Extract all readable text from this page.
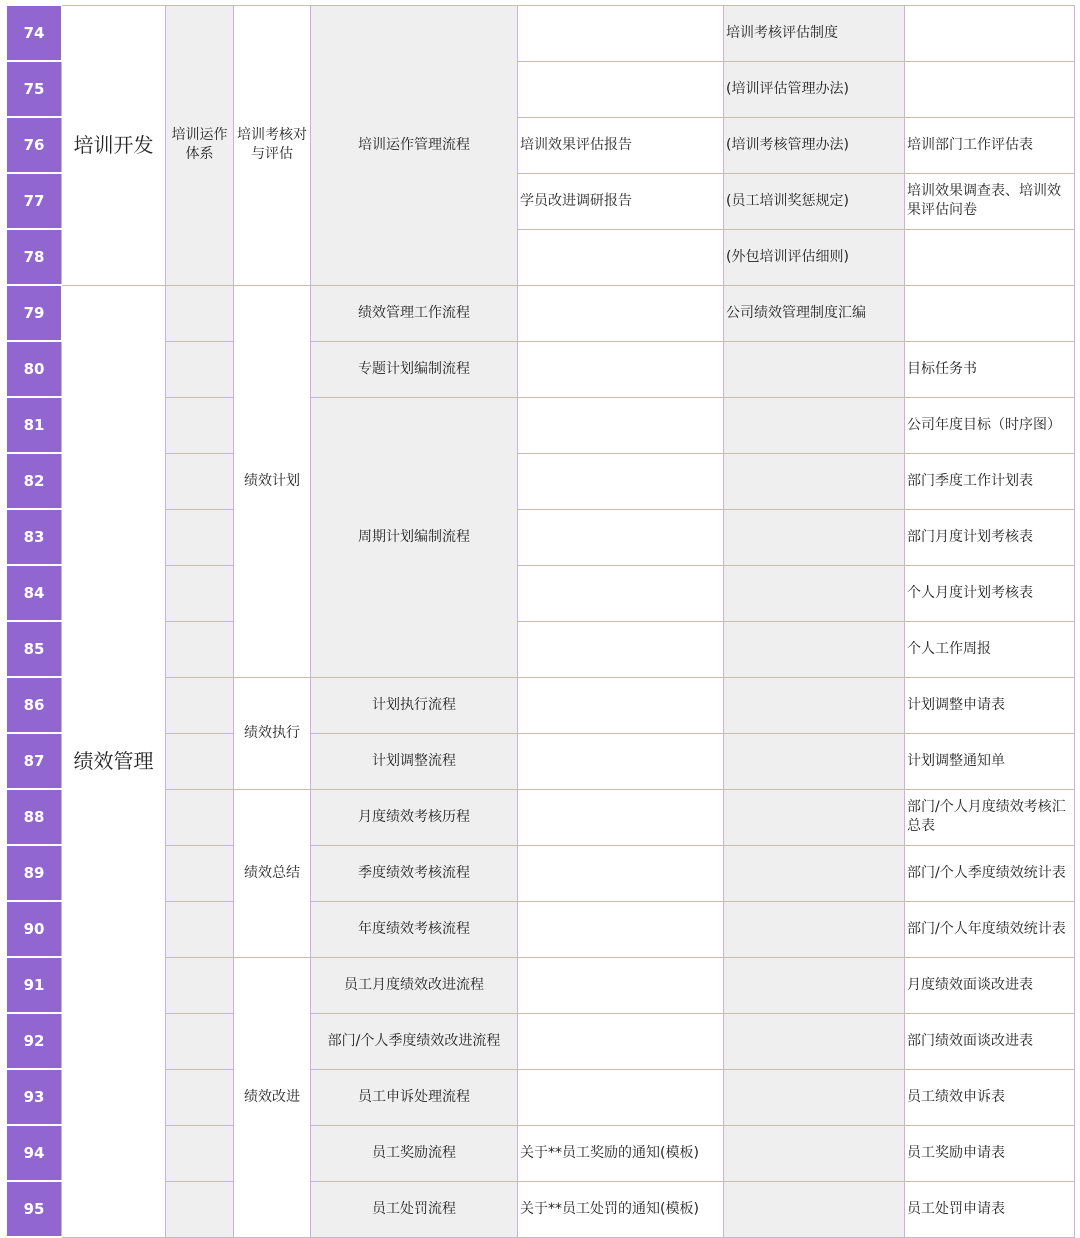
74	培训开发	培训运作体系	培训考核对与评估	培训运作管理流程		培训考核评估制度	
75						(培训评估管理办法)	
76					培训效果评估报告	(培训考核管理办法)	培训部门工作评估表
77					学员改进调研报告	(员工培训奖惩规定)	培训效果调查表、培训效果评估问卷
78						(外包培训评估细则)	
79	绩效管理		绩效计划	绩效管理工作流程		公司绩效管理制度汇编	
80				专题计划编制流程			目标任务书
81				周期计划编制流程			公司年度目标（时序图）
82							部门季度工作计划表
83							部门月度计划考核表
84							个人月度计划考核表
85							个人工作周报
86			绩效执行	计划执行流程			计划调整申请表
87				计划调整流程			计划调整通知单
88			绩效总结	月度绩效考核历程			部门/个人月度绩效考核汇总表
89				季度绩效考核流程			部门/个人季度绩效统计表
90				年度绩效考核流程			部门/个人年度绩效统计表
91			绩效改进	员工月度绩效改进流程			月度绩效面谈改进表
92				部门/个人季度绩效改进流程			部门绩效面谈改进表
93				员工申诉处理流程			员工绩效申诉表
94				员工奖励流程	关于**员工奖励的通知(模板)		员工奖励申请表
95				员工处罚流程	关于**员工处罚的通知(模板)		员工处罚申请表
